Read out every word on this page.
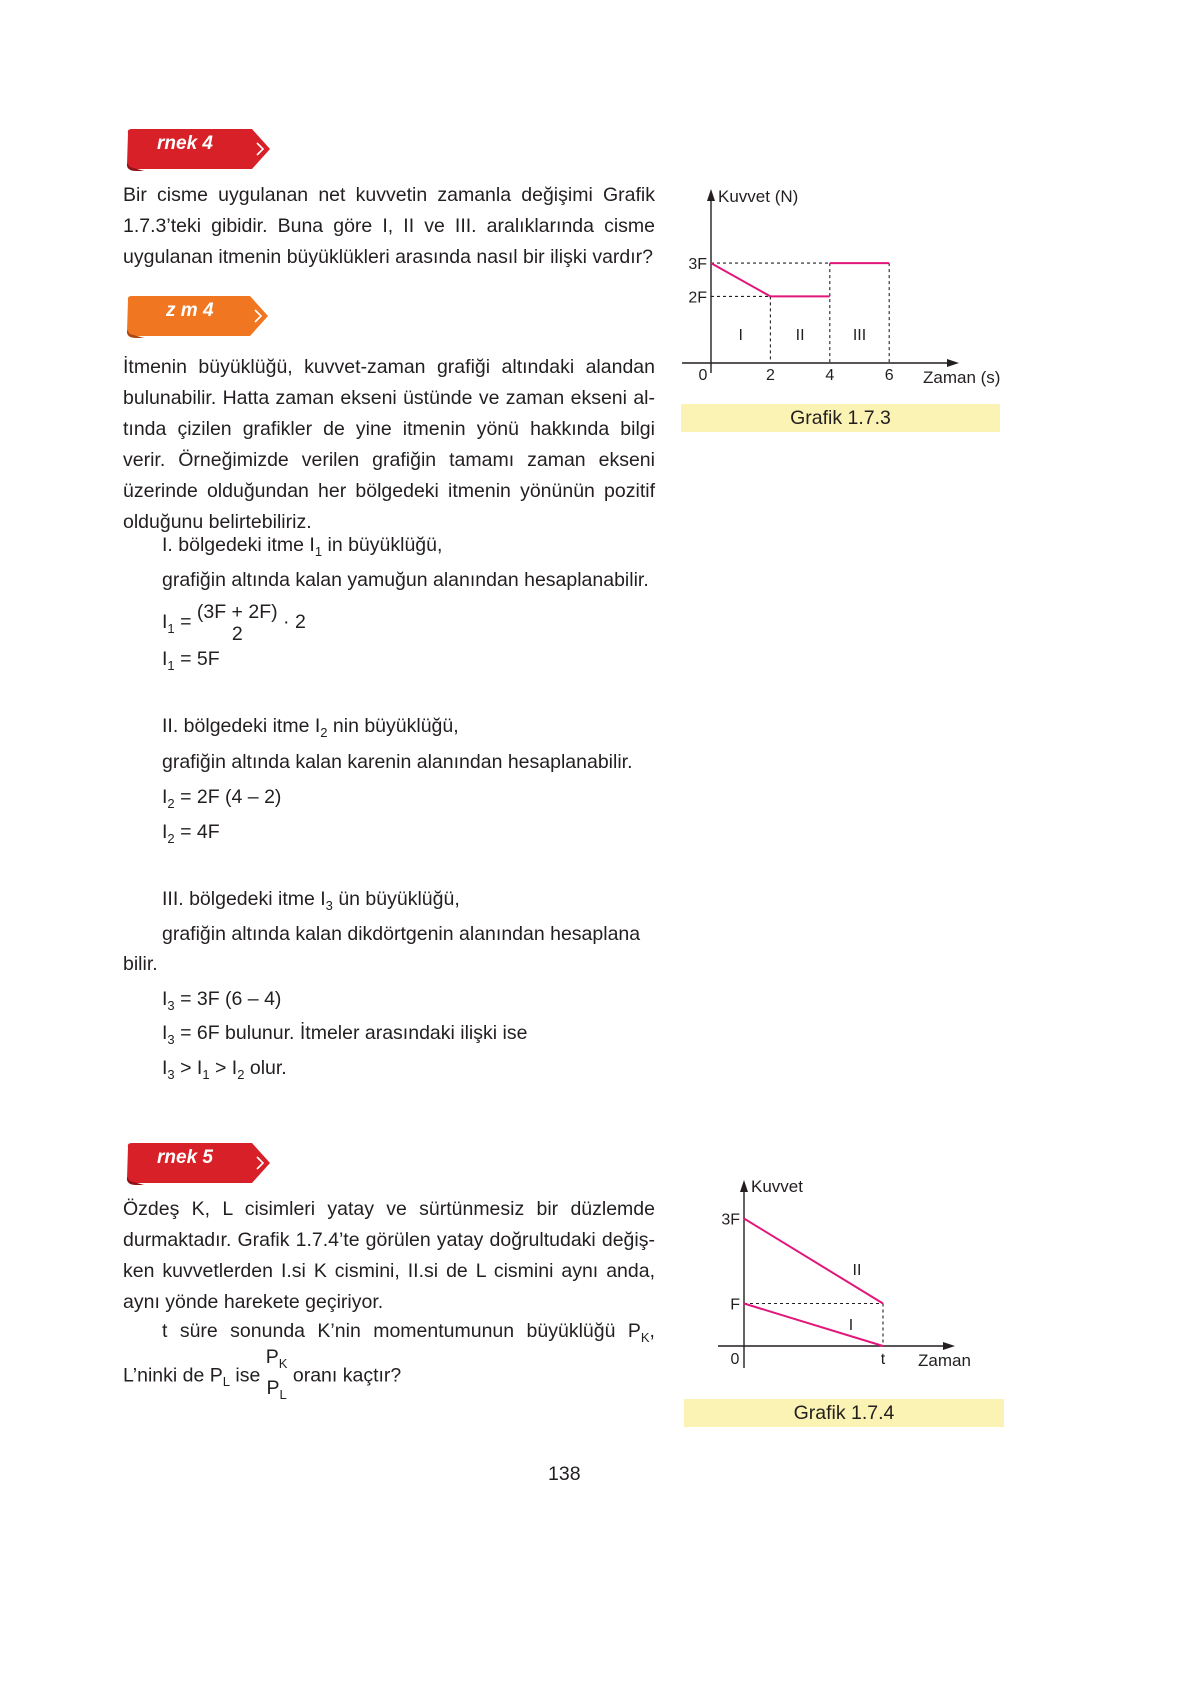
rnek 4
Bir cisme uygulanan net kuvvetin zamanla değişimi Grafik 1.7.3’teki gibidir. Buna göre I, II ve III. aralıklarında cisme uygulanan itmenin büyüklükleri arasında nasıl bir ilişki vardır?
z m 4
İtmenin büyüklüğü, kuvvet-zaman grafiği altındaki alandan bulunabilir. Hatta zaman ekseni üstünde ve zaman ekseni altında çizilen grafikler de yine itmenin yönü hakkında bilgi verir. Örneğimizde verilen grafiğin tamamı zaman ekseni üzerinde olduğundan her bölgedeki itmenin yönünün pozitif olduğunu belirtebiliriz.
I. bölgedeki itme $I_1$ in büyüklüğü,
grafiğin altında kalan yamuğun alanından hesaplanabilir.
$I_1 = (3F + 2F)$
2
· 2
$I_1 = 5F$
II. bölgedeki itme $I_2$ nin büyüklüğü,
grafiğin altında kalan karenin alanından hesaplanabilir.
$I_2 = 2F$ (4 – 2)
$I_2 = 4F$
III. bölgedeki itme $I_3$ ün büyüklüğü,
grafiğin altında kalan dikdörtgenin alanından hesaplana
bilir.
$I_3 = 3F$ (6 – 4)
$I_3 = 6F$ bulunur. İtmeler arasındaki ilişki ise
$I_3 > I_1 > I_2$ olur.
rnek 5
Özdeş K, L cisimleri yatay ve sürtünmesiz bir düzlemde durmaktadır. Grafik 1.7.4’te görülen yatay doğrultudaki değişken kuvvetlerden I.si K cismini, II.si de L cismini aynı anda, aynı yönde harekete geçiriyor.
t süre sonunda K’nin momentumunun büyüklüğü $P_K$,
L’ninki de $P_L$ ise
$P_K$
$P_L$
oranı kaçtır?
Kuvvet (N)
Zaman (s)
0	2	4	6
2F
3F
I	II	III
Grafik 1.7.3
Kuvvet
Zaman
0	t
F
3F
II
I
Grafik 1.7.4
138
